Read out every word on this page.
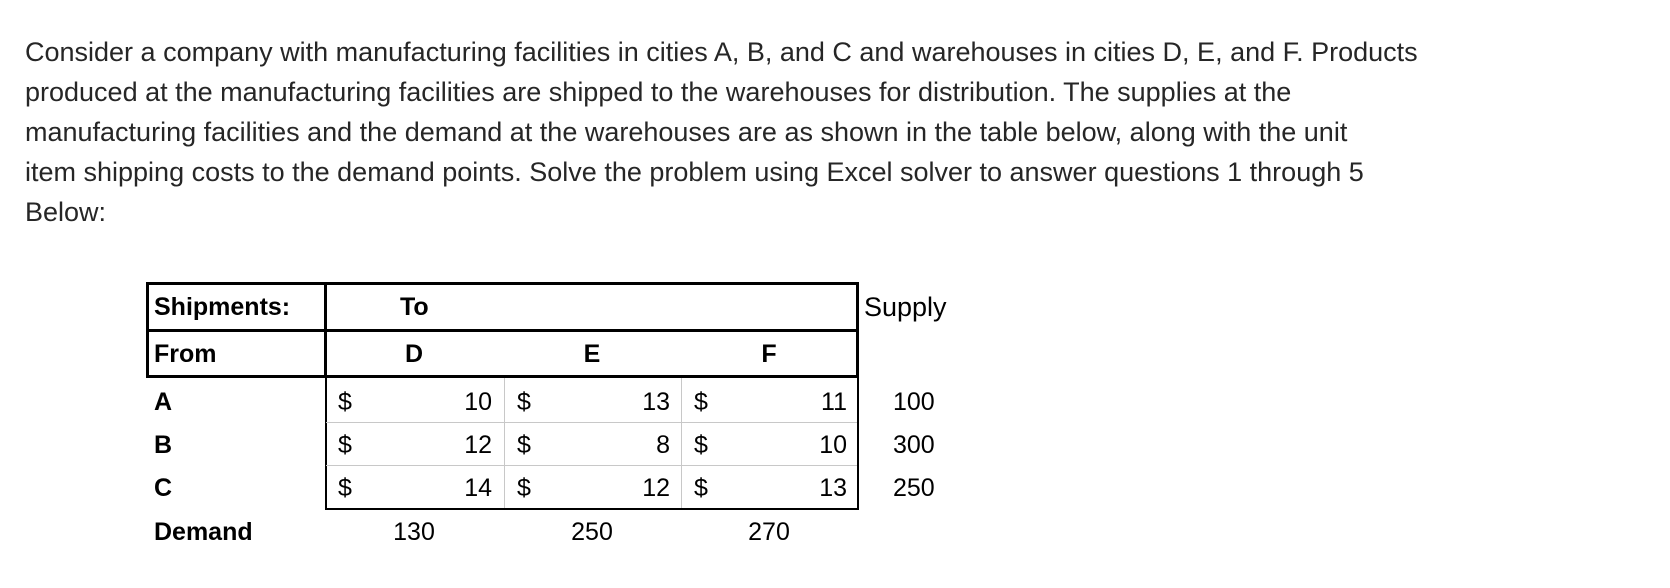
Consider a company with manufacturing facilities in cities A, B, and C and warehouses in cities D, E, and F. Products
produced at the manufacturing facilities are shipped to the warehouses for distribution. The supplies at the
manufacturing facilities and the demand at the warehouses are as shown in the table below, along with the unit
item shipping costs to the demand points. Solve the problem using Excel solver to answer questions 1 through 5
Below:
Shipments:	To	Supply
From	D	E	F
A	$	10 $	13 $	11 100
B	$	12 $	8 $	10 300
C	$	14 $	12 $	13 250
Demand	130	250	270
